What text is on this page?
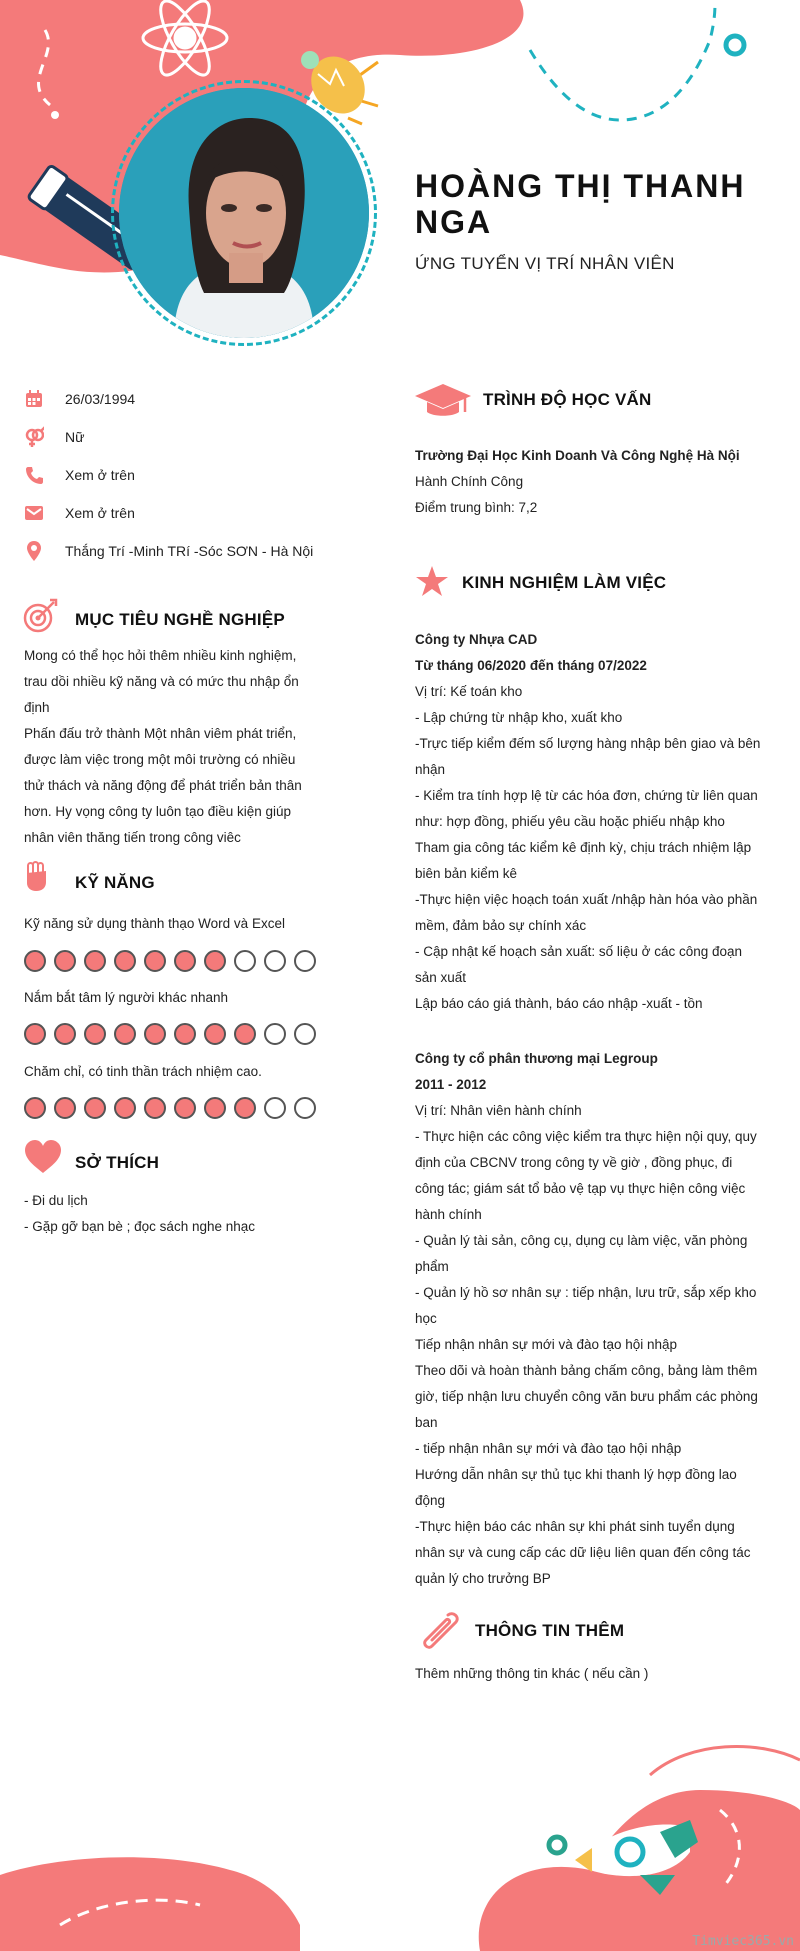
HOÀNG THỊ THANH
NGA
ỨNG TUYỂN VỊ TRÍ NHÂN VIÊN
26/03/1994
Nữ
Xem ở trên
Xem ở trên
Thắng Trí -Minh TRí -Sóc SƠN - Hà Nội
MỤC TIÊU NGHỀ NGHIỆP
Mong có thể học hỏi thêm nhiều kinh nghiệm,
trau dồi nhiều kỹ năng và có mức thu nhập ổn
định
Phấn đấu trở thành Một nhân viêm phát triển,
được làm việc trong một môi trường có nhiều
thử thách và năng động để phát triển bản thân
hơn. Hy vọng công ty luôn tạo điều kiện giúp
nhân viên thăng tiến trong công viêc
KỸ NĂNG
Kỹ năng sử dụng thành thạo Word và Excel
Nắm bắt tâm lý người khác nhanh
Chăm chỉ, có tinh thần trách nhiệm cao.
SỞ THÍCH
- Đi du lịch
- Gặp gỡ bạn bè ; đọc sách nghe nhạc
TRÌNH ĐỘ HỌC VẤN
Trường Đại Học Kinh Doanh Và Công Nghệ Hà Nội
Hành Chính Công
Điểm trung bình: 7,2
KINH NGHIỆM LÀM VIỆC
Công ty Nhựa CAD
Từ tháng 06/2020 đến tháng 07/2022
Vị trí: Kế toán kho
- Lập chứng từ nhập kho, xuất kho
-Trực tiếp kiểm đếm số lượng hàng nhập bên giao và bên
nhận
- Kiểm tra tính hợp lệ từ các hóa đơn, chứng từ liên quan
như: hợp đồng, phiếu yêu cầu hoặc phiếu nhập kho
Tham gia công tác kiểm kê định kỳ, chịu trách nhiệm lập
biên bản kiểm kê
-Thực hiện việc hoạch toán xuất /nhập hàn hóa vào phần
mềm, đảm bảo sự chính xác
- Cập nhật kế hoạch sản xuất: số liệu ở các công đoạn
sản xuất
Lập báo cáo giá thành, báo cáo nhập -xuất - tồn
Công ty cổ phân thương mại Legroup
2011 - 2012
Vị trí: Nhân viên hành chính
- Thực hiện các công việc kiểm tra thực hiện nội quy, quy
định của CBCNV trong công ty về giờ , đồng phục, đi
công tác; giám sát tổ bảo vệ tạp vụ thực hiện công việc
hành chính
- Quản lý tài sản, công cụ, dụng cụ làm việc, văn phòng
phẩm
- Quản lý hồ sơ nhân sự : tiếp nhận, lưu trữ, sắp xếp kho
học
Tiếp nhận nhân sự mới và đào tạo hội nhập
Theo dõi và hoàn thành bảng chấm công, bảng làm thêm
giờ, tiếp nhận lưu chuyển công văn bưu phẩm các phòng
ban
- tiếp nhận nhân sự mới và đào tạo hội nhập
Hướng dẫn nhân sự thủ tục khi thanh lý hợp đồng lao
động
-Thực hiện báo các nhân sự khi phát sinh tuyển dụng
nhân sự và cung cấp các dữ liệu liên quan đến công tác
quản lý cho trưởng BP
THÔNG TIN THÊM
Thêm những thông tin khác ( nếu cần )
Timviec365.vn
